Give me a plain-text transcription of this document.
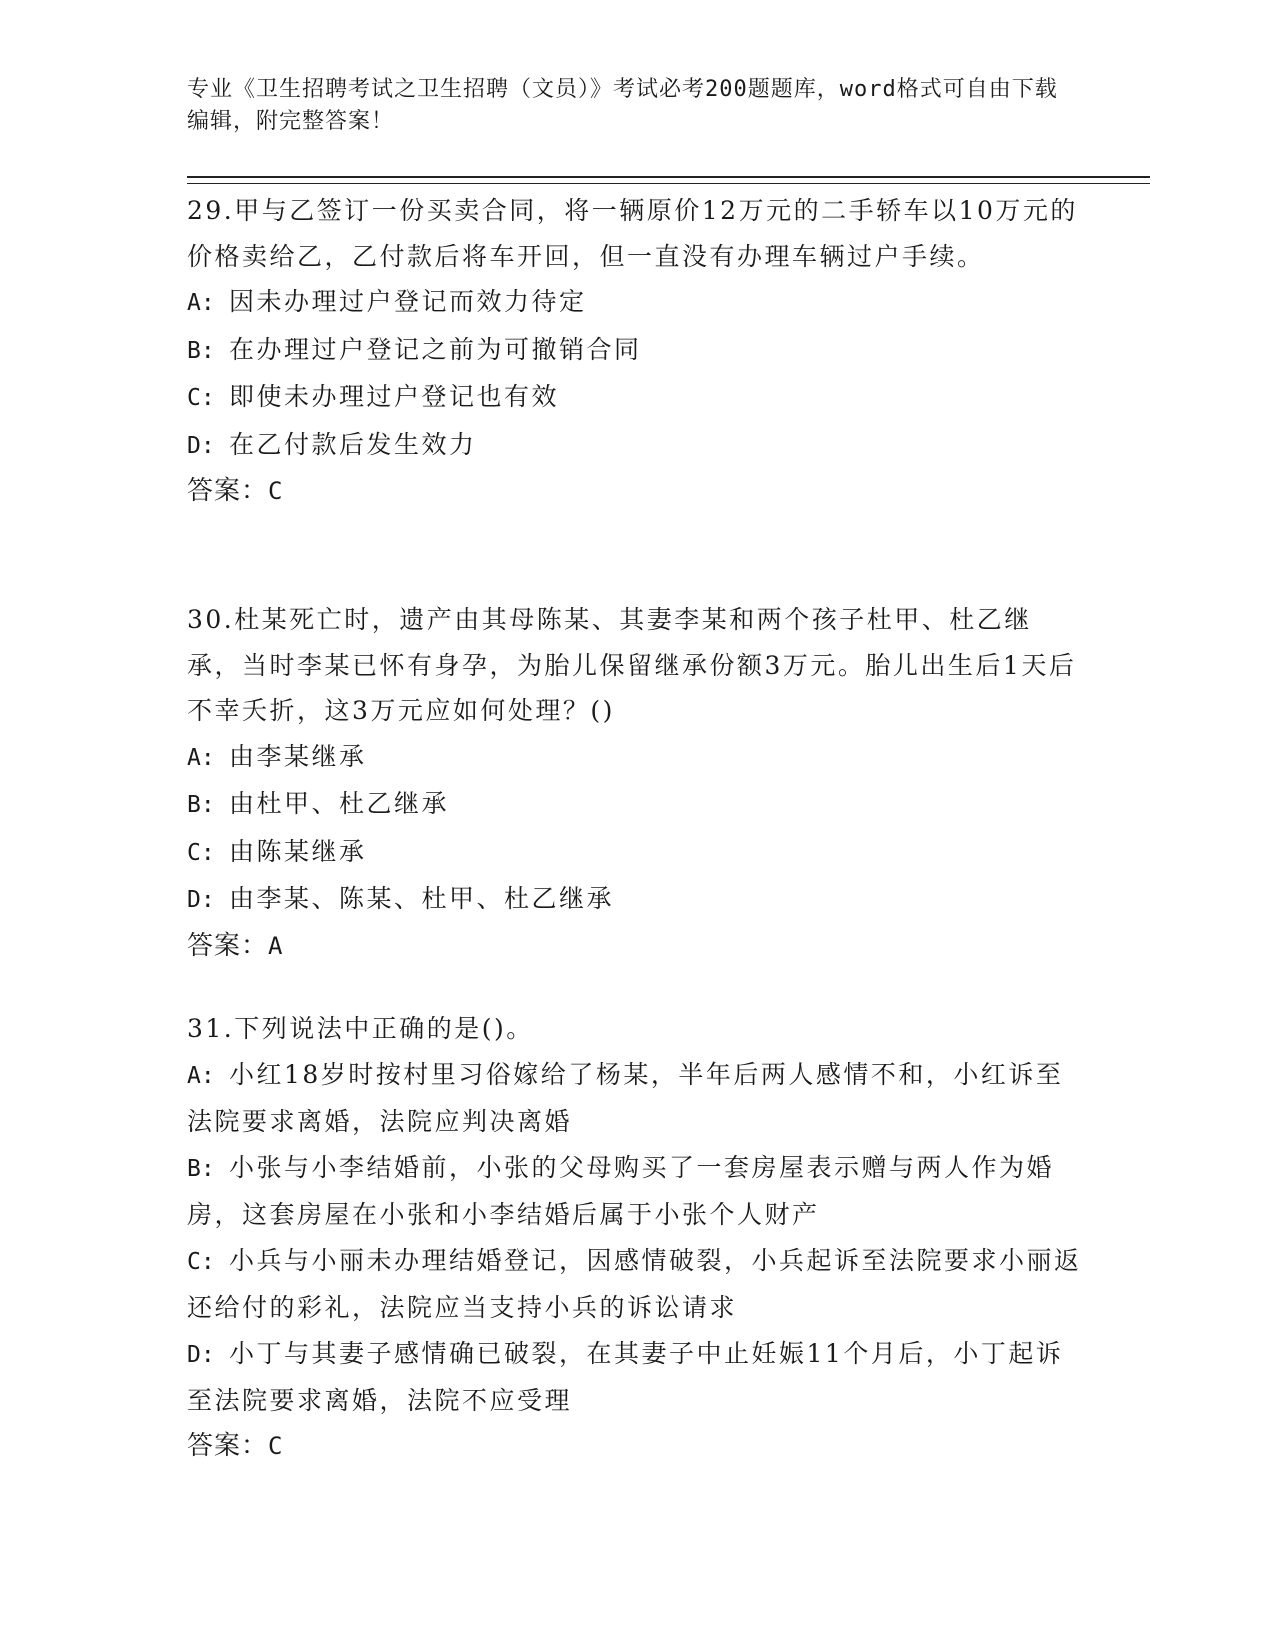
专业《卫生招聘考试之卫生招聘（文员）》考试必考200题题库，word格式可自由下载编辑，附完整答案！

29.甲与乙签订一份买卖合同，将一辆原价12万元的二手轿车以10万元的价格卖给乙，乙付款后将车开回，但一直没有办理车辆过户手续。

A: 因未办理过户登记而效力待定

B: 在办理过户登记之前为可撤销合同

C: 即使未办理过户登记也有效

D: 在乙付款后发生效力

答案：C

30.杜某死亡时，遗产由其母陈某、其妻李某和两个孩子杜甲、杜乙继承，当时李某已怀有身孕，为胎儿保留继承份额3万元。胎儿出生后1天后不幸夭折，这3万元应如何处理？()

A: 由李某继承

B: 由杜甲、杜乙继承

C: 由陈某继承

D: 由李某、陈某、杜甲、杜乙继承

答案：A

31.下列说法中正确的是()。

A: 小红18岁时按村里习俗嫁给了杨某，半年后两人感情不和，小红诉至法院要求离婚，法院应判决离婚

B: 小张与小李结婚前，小张的父母购买了一套房屋表示赠与两人作为婚房，这套房屋在小张和小李结婚后属于小张个人财产

C: 小兵与小丽未办理结婚登记，因感情破裂，小兵起诉至法院要求小丽返还给付的彩礼，法院应当支持小兵的诉讼请求

D: 小丁与其妻子感情确已破裂，在其妻子中止妊娠11个月后，小丁起诉至法院要求离婚，法院不应受理

答案：C
